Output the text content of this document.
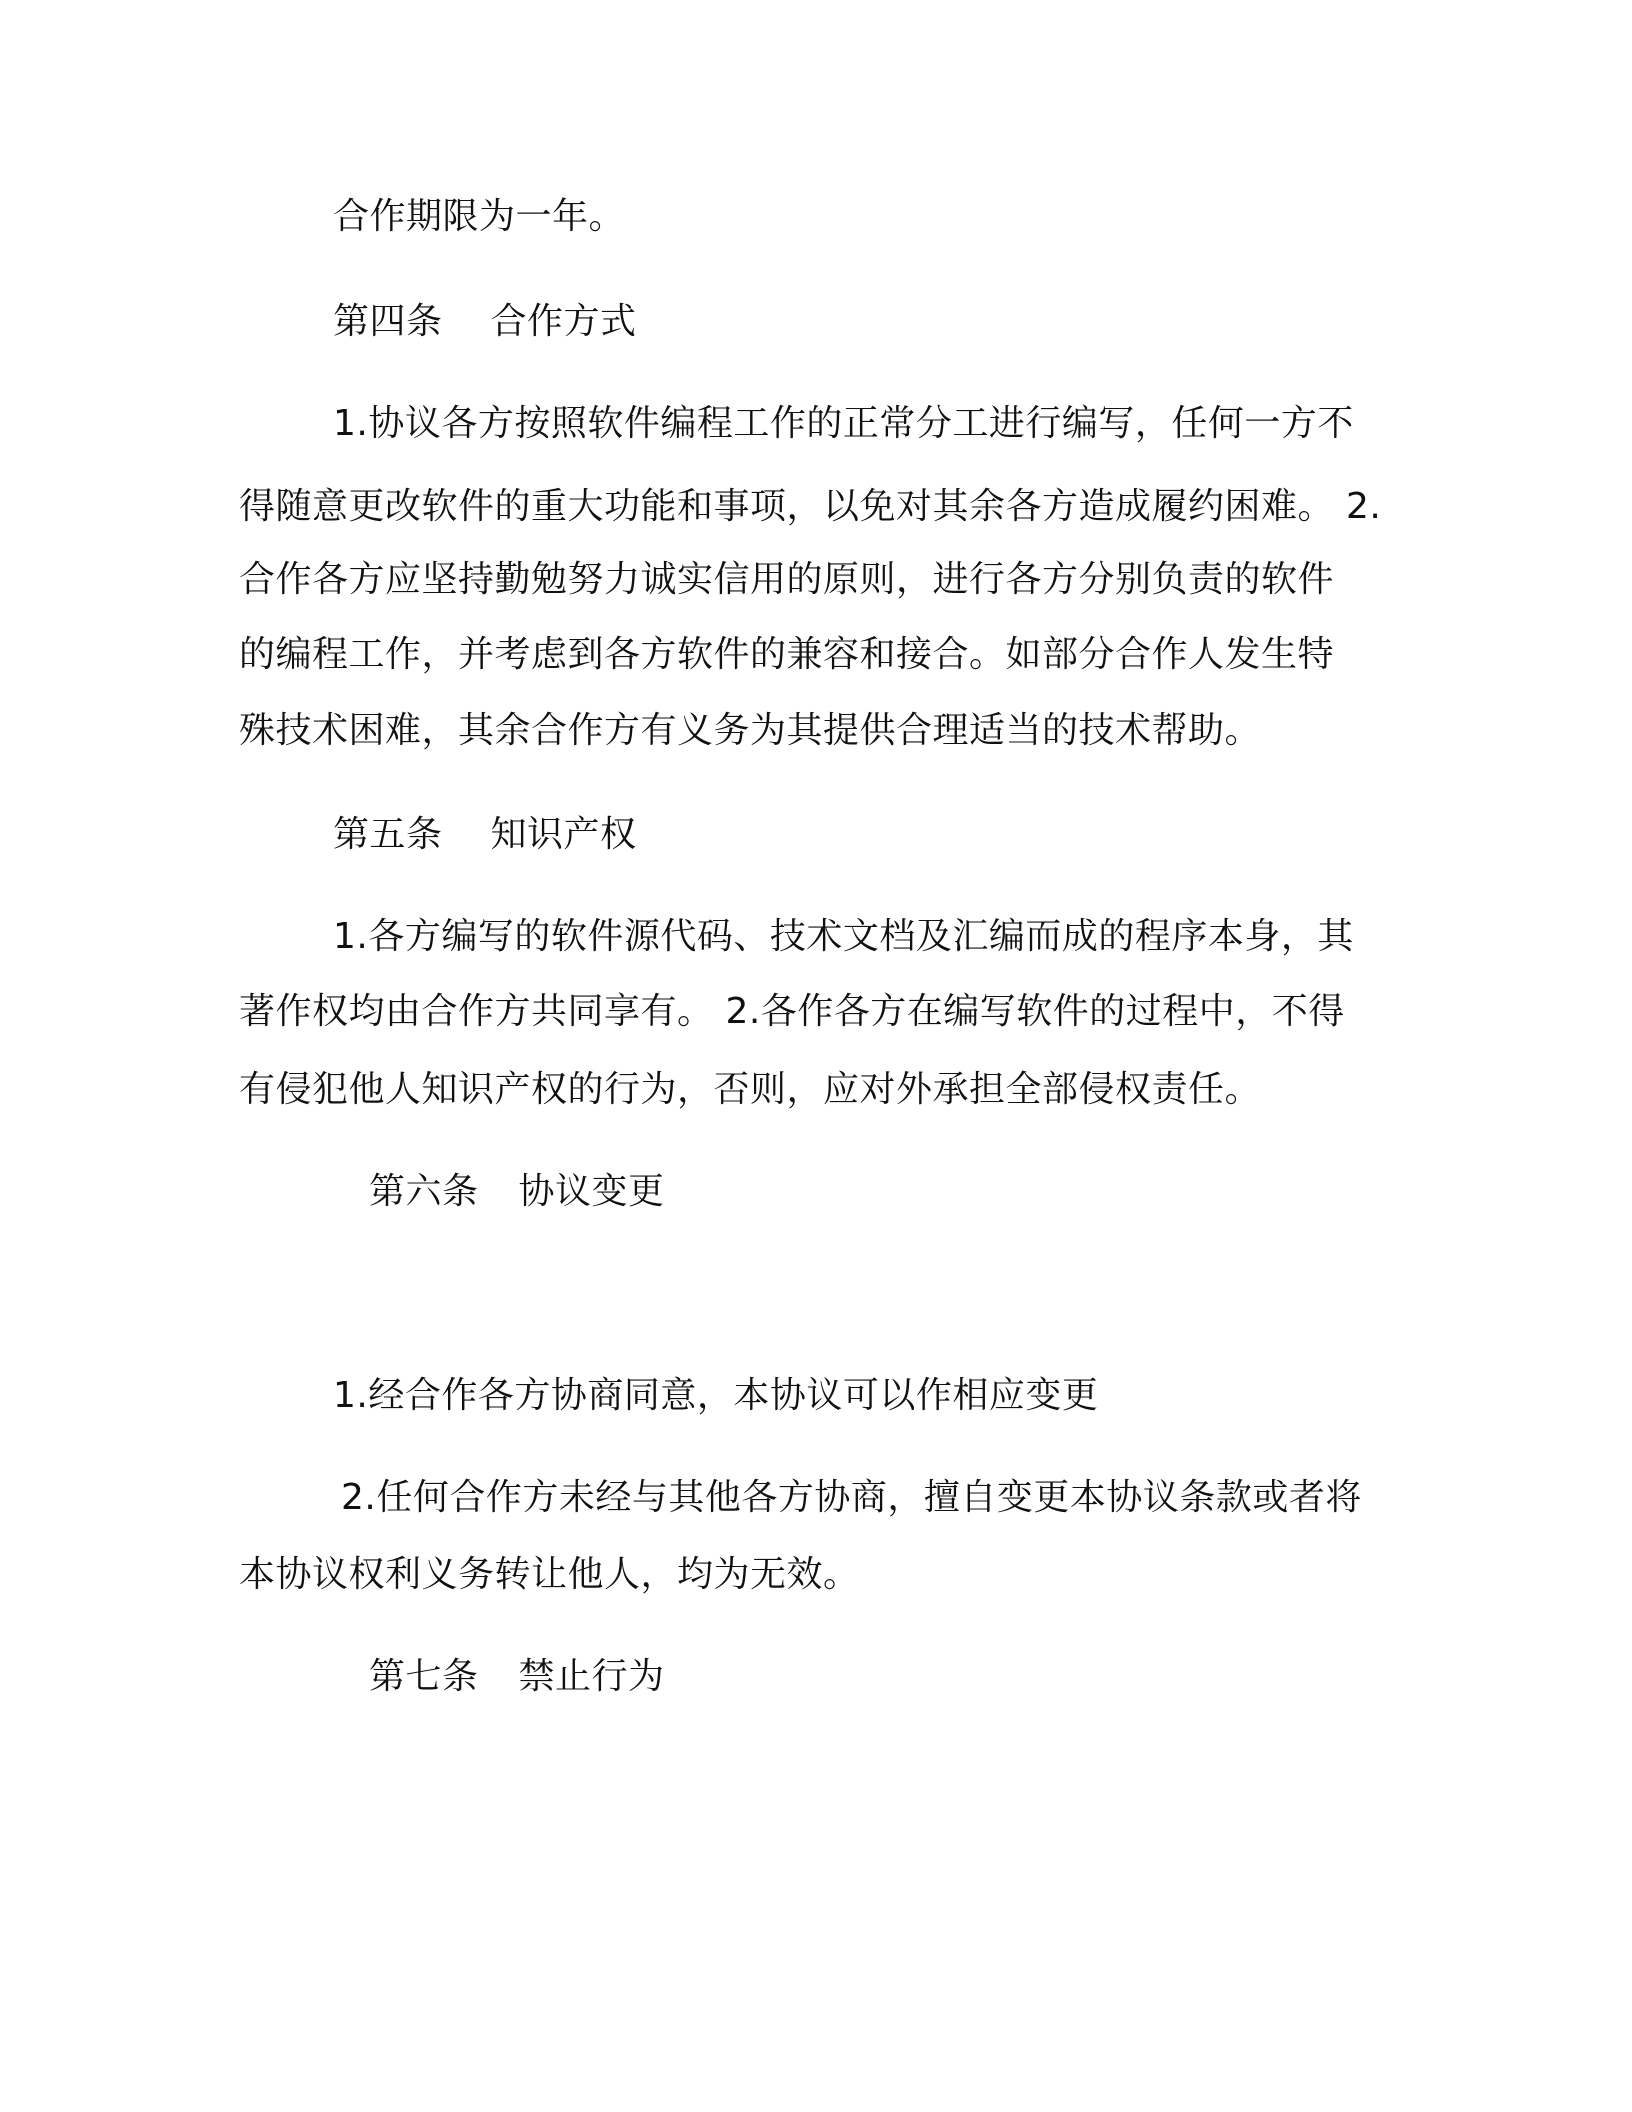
合作期限为一年。
第四条 合作方式
1.协议各方按照软件编程工作的正常分工进行编写，任何一方不
得随意更改软件的重大功能和事项，以免对其余各方造成履约困难。 2.
合作各方应坚持勤勉努力诚实信用的原则，进行各方分别负责的软件
的编程工作，并考虑到各方软件的兼容和接合。如部分合作人发生特
殊技术困难，其余合作方有义务为其提供合理适当的技术帮助。
第五条 知识产权
1.各方编写的软件源代码、技术文档及汇编而成的程序本身，其
著作权均由合作方共同享有。 2.各作各方在编写软件的过程中，不得
有侵犯他人知识产权的行为，否则，应对外承担全部侵权责任。
第六条 协议变更
1.经合作各方协商同意，本协议可以作相应变更
2.任何合作方未经与其他各方协商，擅自变更本协议条款或者将
本协议权利义务转让他人，均为无效。
第七条 禁止行为
